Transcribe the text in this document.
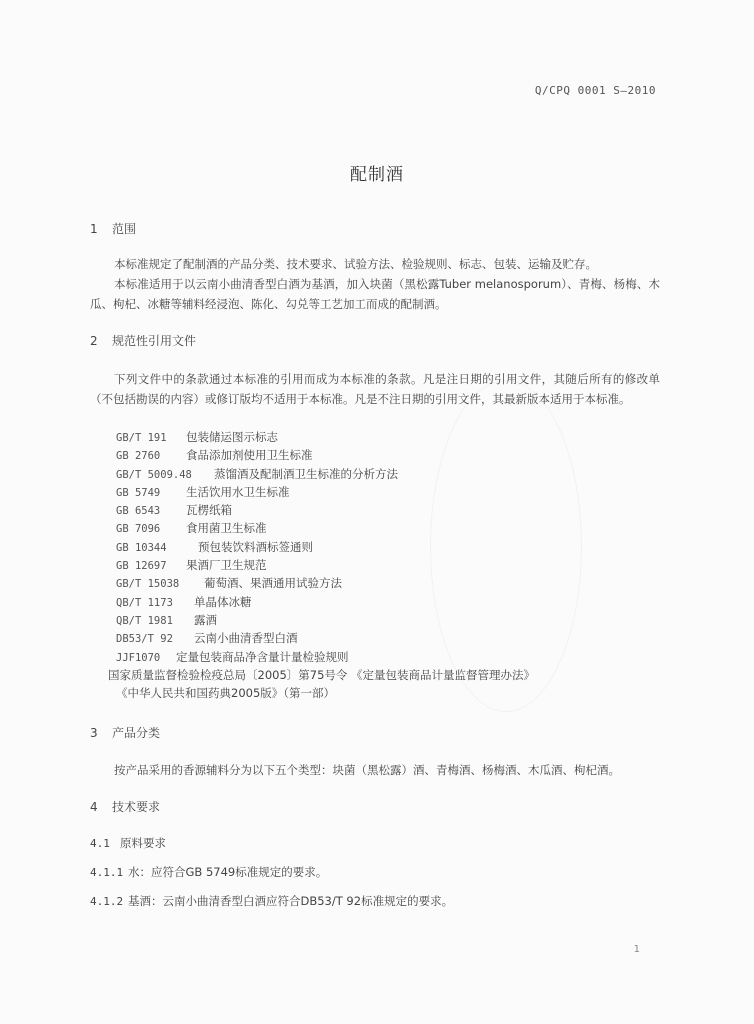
Q/CPQ 0001 S—2010
配制酒
1 范围
本标准规定了配制酒的产品分类、技术要求、试验方法、检验规则、标志、包装、运输及贮存。
本标准适用于以云南小曲清香型白酒为基酒，加入块菌（黑松露Tuber melanosporum）、青梅、杨梅、木瓜、枸杞、冰糖等辅料经浸泡、陈化、勾兑等工艺加工而成的配制酒。
2 规范性引用文件
下列文件中的条款通过本标准的引用而成为本标准的条款。凡是注日期的引用文件，其随后所有的修改单（不包括勘误的内容）或修订版均不适用于本标准。凡是不注日期的引用文件，其最新版本适用于本标准。
GB/T 191 包装储运图示标志
GB 2760 食品添加剂使用卫生标准
GB/T 5009.48 蒸馏酒及配制酒卫生标准的分析方法
GB 5749 生活饮用水卫生标准
GB 6543 瓦楞纸箱
GB 7096 食用菌卫生标准
GB 10344	预包装饮料酒标签通则
GB 12697 果酒厂卫生规范
GB/T 15038 葡萄酒、果酒通用试验方法
QB/T 1173 单晶体冰糖
QB/T 1981 露酒
DB53/T 92 云南小曲清香型白酒
JJF1070 定量包装商品净含量计量检验规则
国家质量监督检验检疫总局〔2005〕第75号令 《定量包装商品计量监督管理办法》
《中华人民共和国药典2005版》（第一部）
3 产品分类
按产品采用的香源辅料分为以下五个类型：块菌（黑松露）酒、青梅酒、杨梅酒、木瓜酒、枸杞酒。
4 技术要求
4.1 原料要求
4.1.1 水：应符合GB 5749标准规定的要求。
4.1.2 基酒：云南小曲清香型白酒应符合DB53/T 92标准规定的要求。
1
